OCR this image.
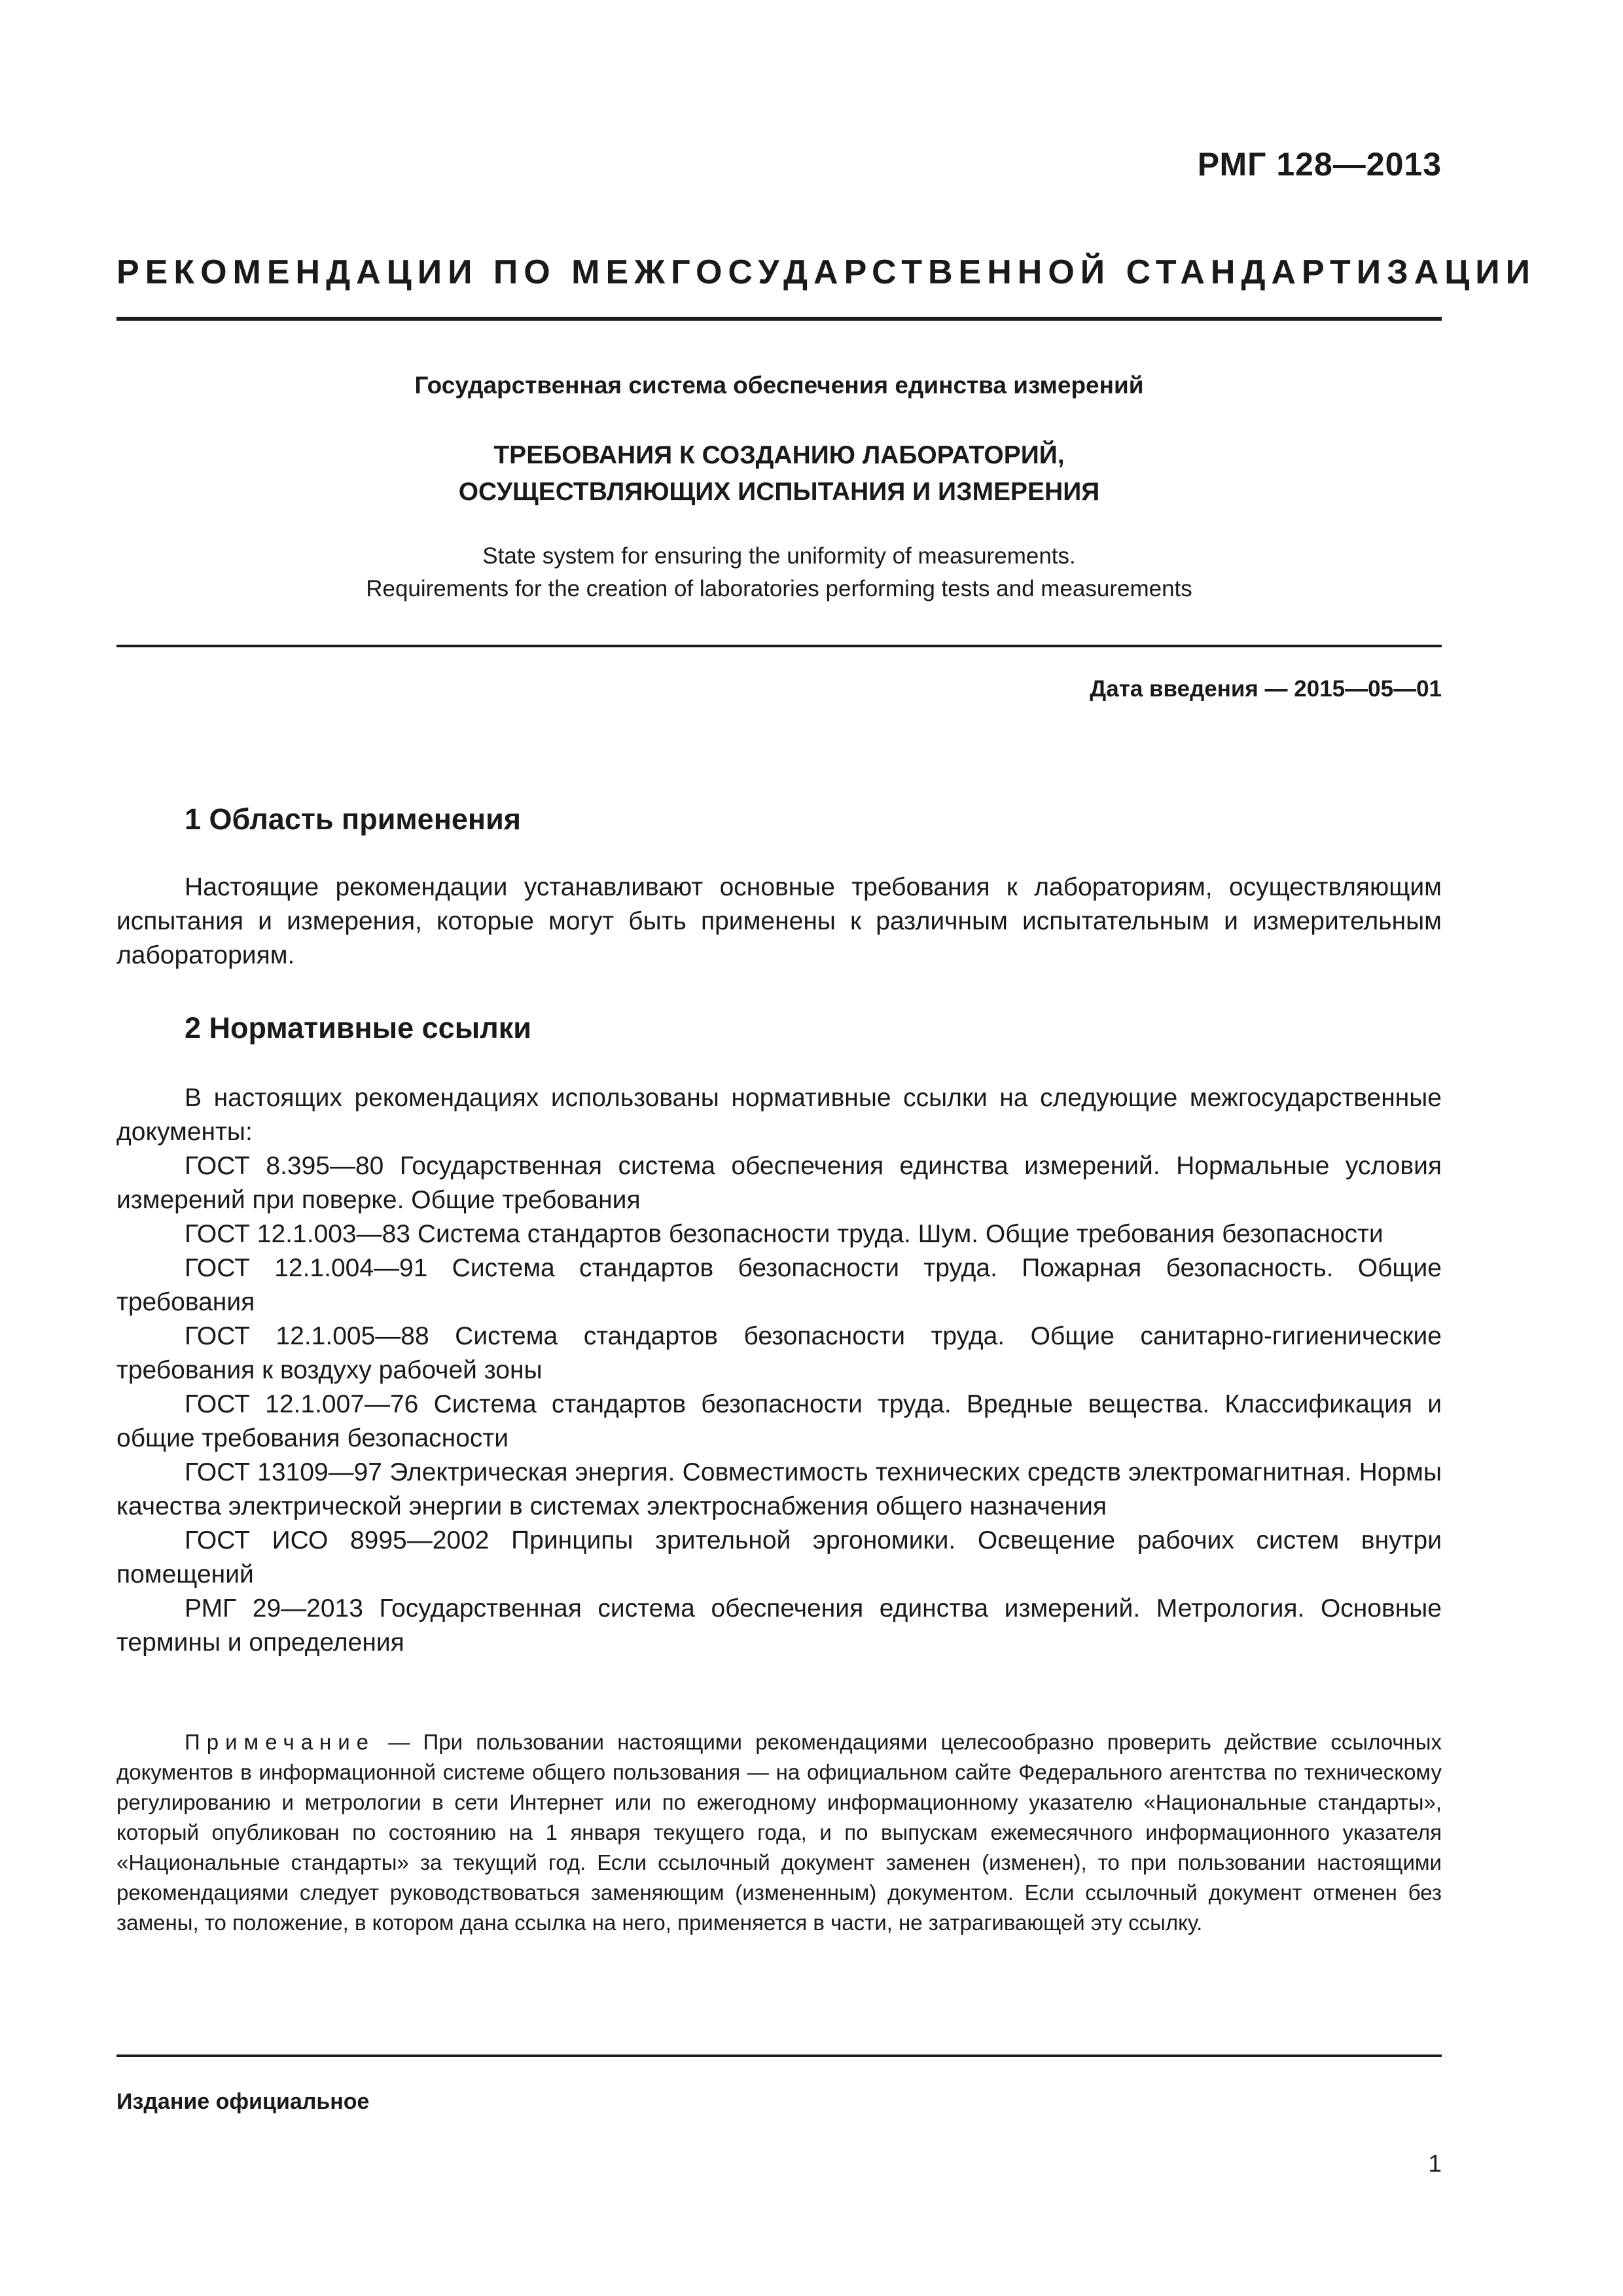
РМГ 128—2013
РЕКОМЕНДАЦИИ ПО МЕЖГОСУДАРСТВЕННОЙ СТАНДАРТИЗАЦИИ
Государственная система обеспечения единства измерений
ТРЕБОВАНИЯ К СОЗДАНИЮ ЛАБОРАТОРИЙ,
ОСУЩЕСТВЛЯЮЩИХ ИСПЫТАНИЯ И ИЗМЕРЕНИЯ
State system for ensuring the uniformity of measurements.
Requirements for the creation of laboratories performing tests and measurements
Дата введения — 2015—05—01
1 Область применения
Настоящие рекомендации устанавливают основные требования к лабораториям, осуществляющим испытания и измерения, которые могут быть применены к различным испытательным и измерительным лабораториям.
2 Нормативные ссылки
В настоящих рекомендациях использованы нормативные ссылки на следующие межгосударственные документы:

ГОСТ 8.395—80 Государственная система обеспечения единства измерений. Нормальные условия измерений при поверке. Общие требования

ГОСТ 12.1.003—83 Система стандартов безопасности труда. Шум. Общие требования безопасности

ГОСТ 12.1.004—91 Система стандартов безопасности труда. Пожарная безопасность. Общие требования

ГОСТ 12.1.005—88 Система стандартов безопасности труда. Общие санитарно-гигиенические требования к воздуху рабочей зоны

ГОСТ 12.1.007—76 Система стандартов безопасности труда. Вредные вещества. Классификация и общие требования безопасности

ГОСТ 13109—97 Электрическая энергия. Совместимость технических средств электромагнитная. Нормы качества электрической энергии в системах электроснабжения общего назначения

ГОСТ ИСО 8995—2002 Принципы зрительной эргономики. Освещение рабочих систем внутри помещений

РМГ 29—2013 Государственная система обеспечения единства измерений. Метрология. Основные термины и определения

Примечание — При пользовании настоящими рекомендациями целесообразно проверить действие ссылочных документов в информационной системе общего пользования — на официальном сайте Федерального агентства по техническому регулированию и метрологии в сети Интернет или по ежегодному информационному указателю «Национальные стандарты», который опубликован по состоянию на 1 января текущего года, и по выпускам ежемесячного информационного указателя «Национальные стандарты» за текущий год. Если ссылочный документ заменен (изменен), то при пользовании настоящими рекомендациями следует руководствоваться заменяющим (измененным) документом. Если ссылочный документ отменен без замены, то положение, в котором дана ссылка на него, применяется в части, не затрагивающей эту ссылку.
Издание официальное
1
